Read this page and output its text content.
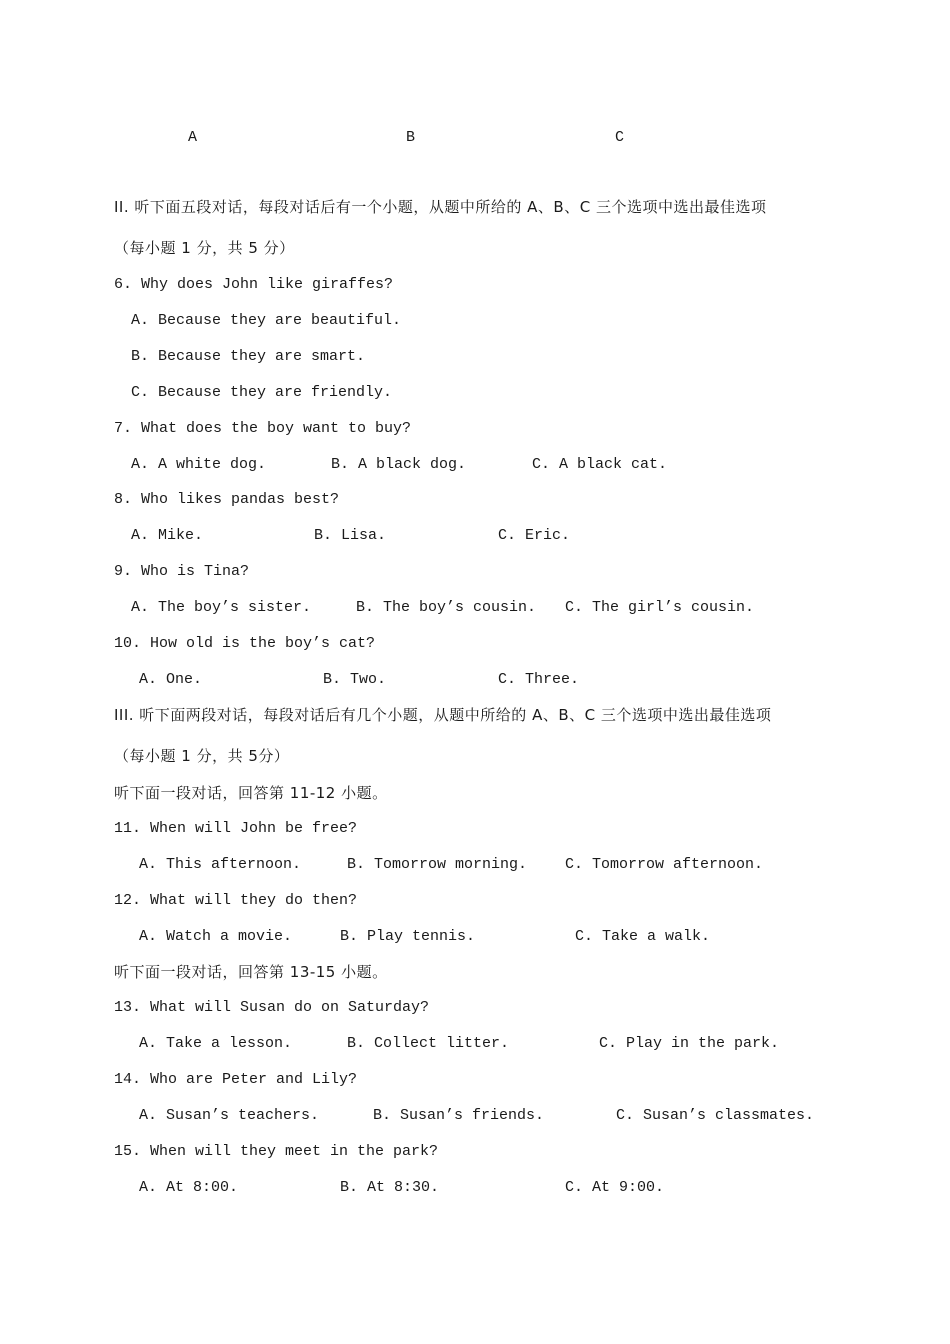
A	B	C
II. 听下面五段对话，每段对话后有一个小题，从题中所给的 A、B、C 三个选项中选出最佳选项
（每小题 1 分，共 5 分）
6. Why does John like giraffes?
A. Because they are beautiful.
B. Because they are smart.
C. Because they are friendly.
7. What does the boy want to buy?
A. A white dog.	B. A black dog.	C. A black cat.
8. Who likes pandas best?
A. Mike.	B. Lisa.	C. Eric.
9. Who is Tina?
A. The boy’s sister.	B. The boy’s cousin. C. The girl’s cousin.
10. How old is the boy’s cat?
A. One.	B. Two.	C. Three.
III. 听下面两段对话，每段对话后有几个小题，从题中所给的 A、B、C 三个选项中选出最佳选项
（每小题 1 分，共 5分）
听下面一段对话，回答第 11-12 小题。
11. When will John be free?
A. This afternoon.	B. Tomorrow morning.	C. Tomorrow afternoon.
12. What will they do then?
A. Watch a movie.	B. Play tennis.	C. Take a walk.
听下面一段对话，回答第 13-15 小题。
13. What will Susan do on Saturday?
A. Take a lesson.	B. Collect litter.	C. Play in the park.
14. Who are Peter and Lily?
A. Susan’s teachers.	B. Susan’s friends.	C. Susan’s classmates.
15. When will they meet in the park?
A. At 8:00.	B. At 8:30.	C. At 9:00.
